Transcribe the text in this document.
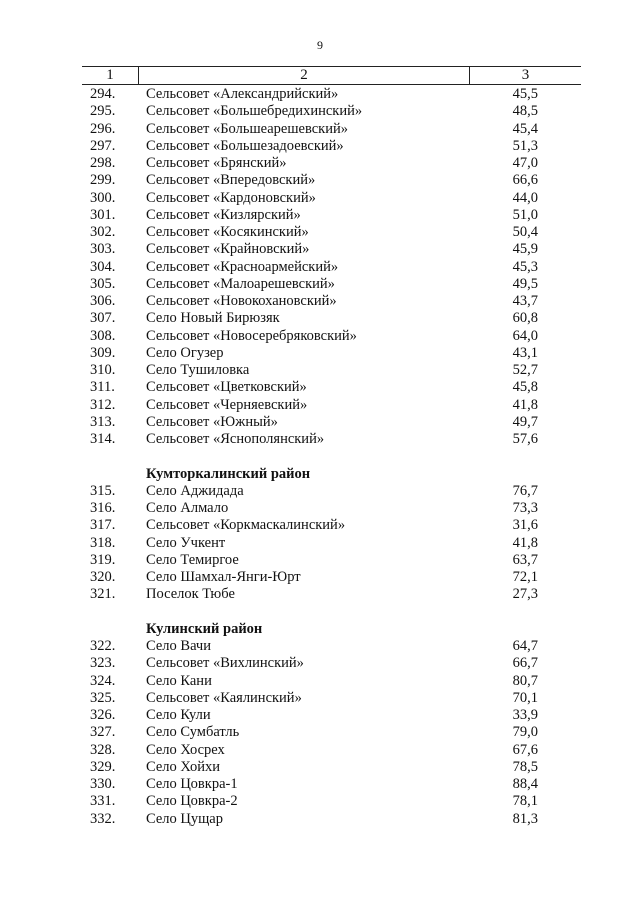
9
1	2	3
294. Сельсовет «Александрийский»	45,5
295. Сельсовет «Большебредихинский»	48,5
296. Сельсовет «Большеарешевский»	45,4
297. Сельсовет «Большезадоевский»	51,3
298. Сельсовет «Брянский»	47,0
299. Сельсовет «Впередовский»	66,6
300. Сельсовет «Кардоновский»	44,0
301. Сельсовет «Кизлярский»	51,0
302. Сельсовет «Косякинский»	50,4
303. Сельсовет «Крайновский»	45,9
304. Сельсовет «Красноармейский»	45,3
305. Сельсовет «Малоарешевский»	49,5
306. Сельсовет «Новокохановский»	43,7
307. Село Новый Бирюзяк	60,8
308. Сельсовет «Новосеребряковский»	64,0
309. Село Огузер	43,1
310. Село Тушиловка	52,7
311. Сельсовет «Цветковский»	45,8
312. Сельсовет «Черняевский»	41,8
313. Сельсовет «Южный»	49,7
314. Сельсовет «Яснополянский»	57,6
Кумторкалинский район
315. Село Аджидада	76,7
316. Село Алмало	73,3
317. Сельсовет «Коркмаскалинский»	31,6
318. Село Учкент	41,8
319. Село Темиргое	63,7
320. Село Шамхал-Янги-Юрт	72,1
321. Поселок Тюбе	27,3
Кулинский район
322. Село Вачи	64,7
323. Сельсовет «Вихлинский»	66,7
324. Село Кани	80,7
325. Сельсовет «Каялинский»	70,1
326. Село Кули	33,9
327. Село Сумбатль	79,0
328. Село Хосрех	67,6
329. Село Хойхи	78,5
330. Село Цовкра-1	88,4
331. Село Цовкра-2	78,1
332. Село Цущар	81,3
